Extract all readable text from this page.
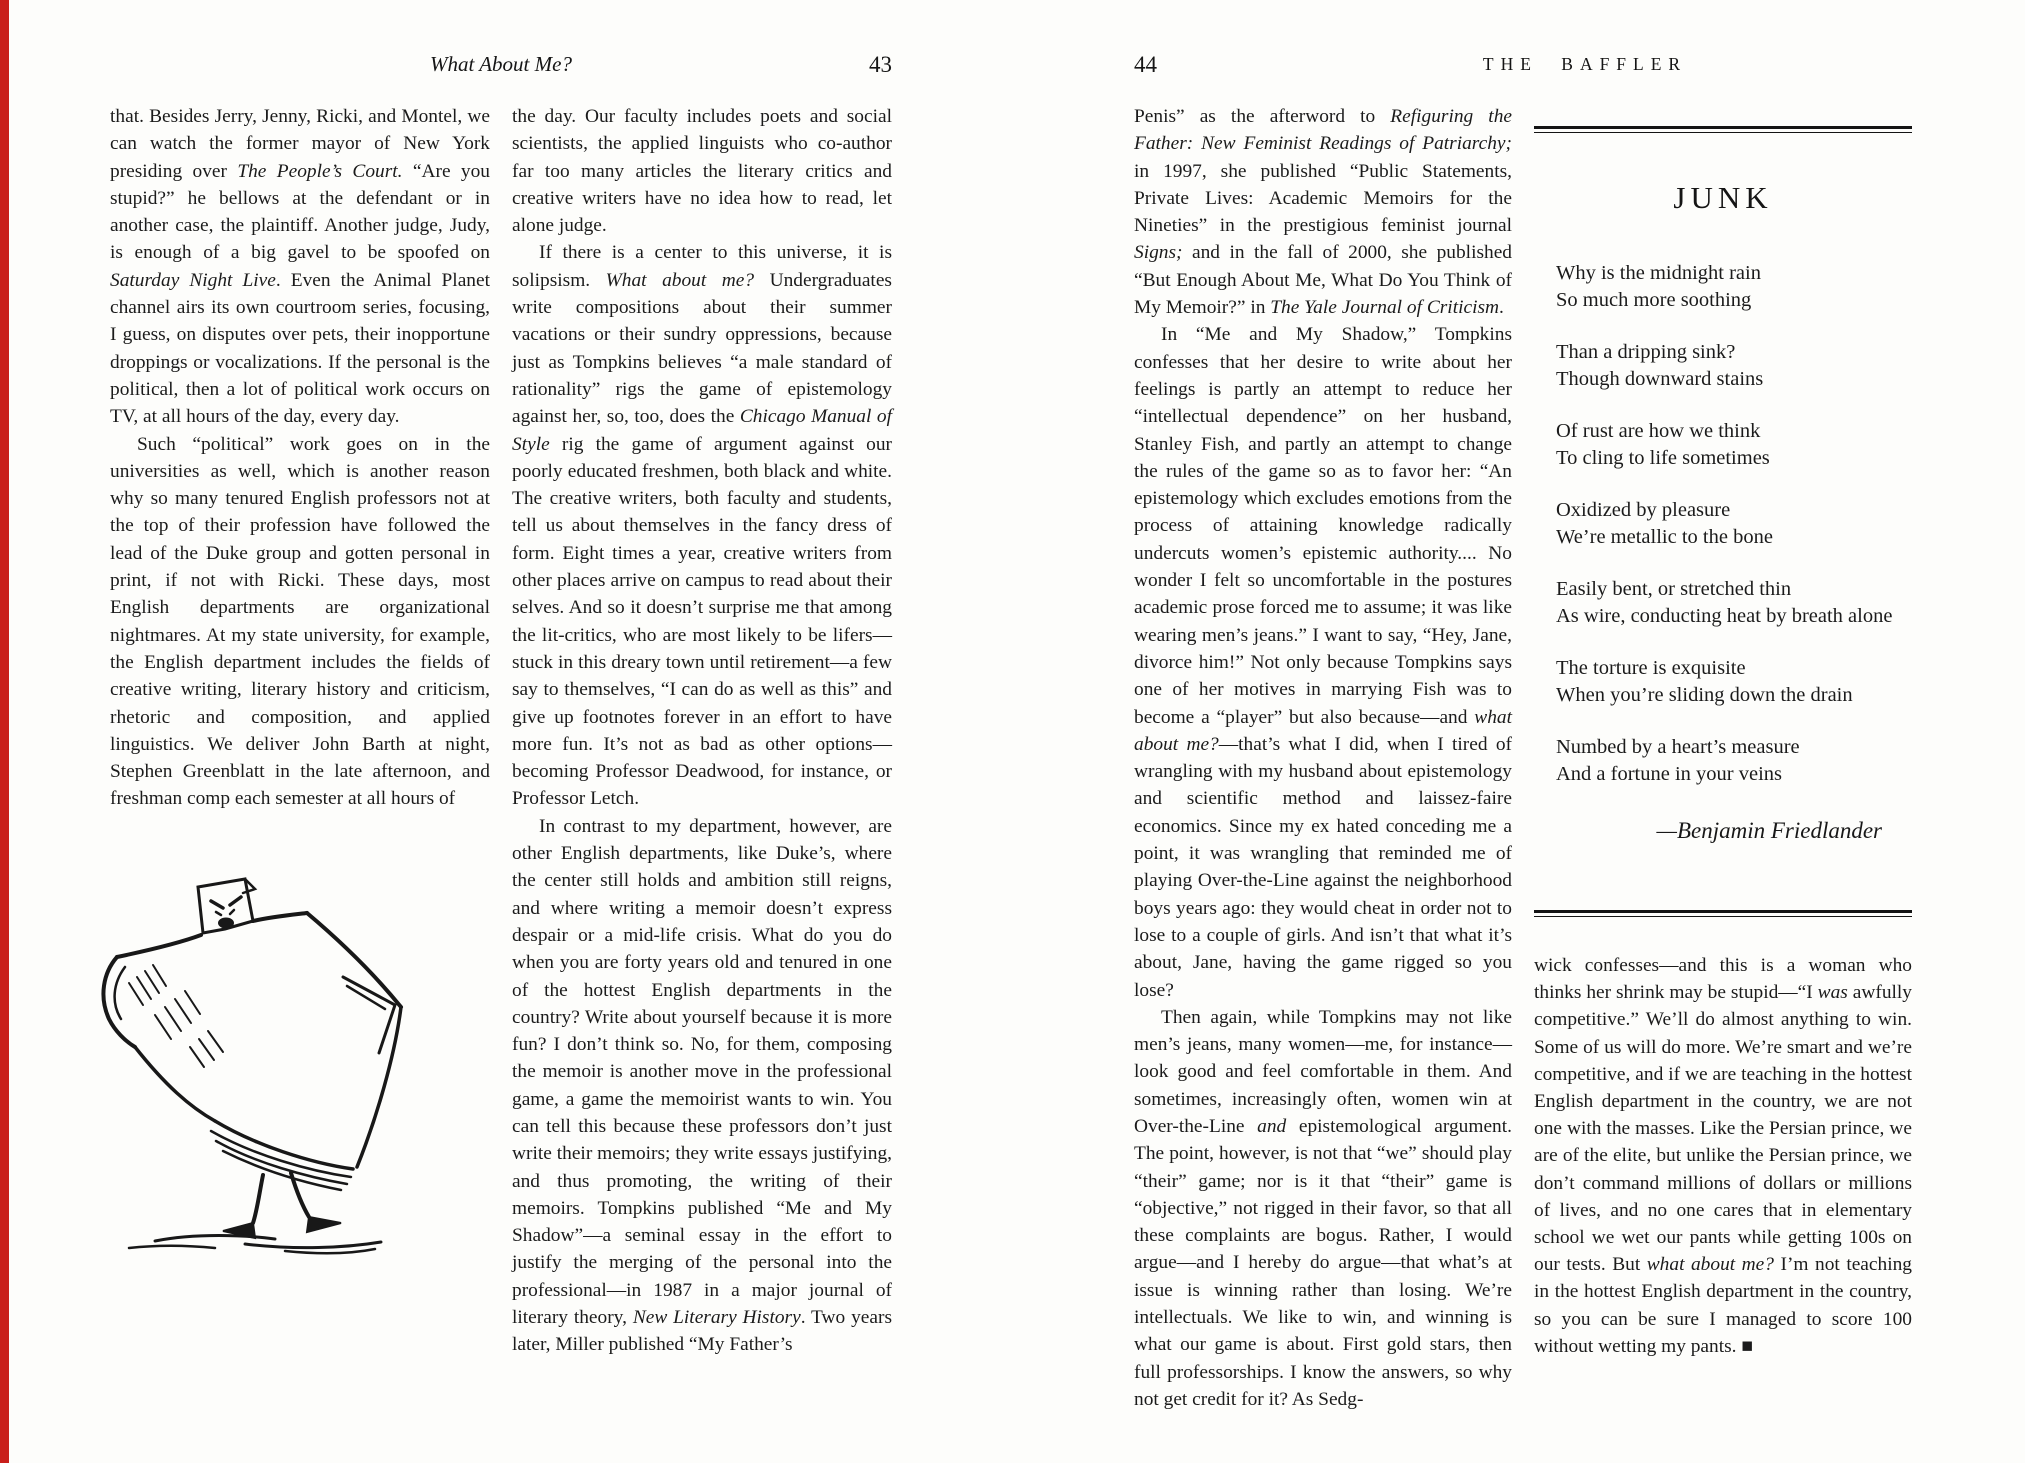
What About Me?	43	44	THE BAFFLER

that. Besides Jerry, Jenny, Ricki, and Montel, we can watch the former mayor of New York presiding over The People’s Court. “Are you stupid?” he bellows at the defendant or in another case, the plaintiff. Another judge, Judy, is enough of a big gavel to be spoofed on Saturday Night Live. Even the Animal Planet channel airs its own courtroom series, focusing, I guess, on disputes over pets, their inopportune droppings or vocalizations. If the personal is the political, then a lot of political work occurs on TV, at all hours of the day, every day.

Such “political” work goes on in the universities as well, which is another reason why so many tenured English professors not at the top of their profession have followed the lead of the Duke group and gotten personal in print, if not with Ricki. These days, most English departments are organizational nightmares. At my state university, for example, the English department includes the fields of creative writing, literary history and criticism, rhetoric and composition, and applied linguistics. We deliver John Barth at night, Stephen Greenblatt in the late afternoon, and freshman comp each semester at all hours of

the day. Our faculty includes poets and social scientists, the applied linguists who co-author far too many articles the literary critics and creative writers have no idea how to read, let alone judge.

If there is a center to this universe, it is solipsism. What about me? Undergraduates write compositions about their summer vacations or their sundry oppressions, because just as Tompkins believes “a male standard of rationality” rigs the game of epistemology against her, so, too, does the Chicago Manual of Style rig the game of argument against our poorly educated freshmen, both black and white. The creative writers, both faculty and students, tell us about themselves in the fancy dress of form. Eight times a year, creative writers from other places arrive on campus to read about their selves. And so it doesn’t surprise me that among the lit-critics, who are most likely to be lifers—stuck in this dreary town until retirement—a few say to themselves, “I can do as well as this” and give up footnotes forever in an effort to have more fun. It’s not as bad as other options—becoming Professor Deadwood, for instance, or Professor Letch.

In contrast to my department, however, are other English departments, like Duke’s, where the center still holds and ambition still reigns, and where writing a memoir doesn’t express despair or a mid-life crisis. What do you do when you are forty years old and tenured in one of the hottest English departments in the country? Write about yourself because it is more fun? I don’t think so. No, for them, composing the memoir is another move in the professional game, a game the memoirist wants to win. You can tell this because these professors don’t just write their memoirs; they write essays justifying, and thus promoting, the writing of their memoirs. Tompkins published “Me and My Shadow”—a seminal essay in the effort to justify the merging of the personal into the professional—in 1987 in a major journal of literary theory, New Literary History. Two years later, Miller published “My Father’s

Penis” as the afterword to Refiguring the Father: New Feminist Readings of Patriarchy; in 1997, she published “Public Statements, Private Lives: Academic Memoirs for the Nineties” in the prestigious feminist journal Signs; and in the fall of 2000, she published “But Enough About Me, What Do You Think of My Memoir?” in The Yale Journal of Criticism.

In “Me and My Shadow,” Tompkins confesses that her desire to write about her feelings is partly an attempt to reduce her “intellectual dependence” on her husband, Stanley Fish, and partly an attempt to change the rules of the game so as to favor her: “An epistemology which excludes emotions from the process of attaining knowledge radically undercuts women’s epistemic authority.... No wonder I felt so uncomfortable in the postures academic prose forced me to assume; it was like wearing men’s jeans.” I want to say, “Hey, Jane, divorce him!” Not only because Tompkins says one of her motives in marrying Fish was to become a “player” but also because—and what about me?—that’s what I did, when I tired of wrangling with my husband about epistemology and scientific method and laissez-faire economics. Since my ex hated conceding me a point, it was wrangling that reminded me of playing Over-the-Line against the neighborhood boys years ago: they would cheat in order not to lose to a couple of girls. And isn’t that what it’s about, Jane, having the game rigged so you lose?

Then again, while Tompkins may not like men’s jeans, many women—me, for instance—look good and feel comfortable in them. And sometimes, increasingly often, women win at Over-the-Line and epistemological argument. The point, however, is not that “we” should play “their” game; nor is it that “their” game is “objective,” not rigged in their favor, so that all these complaints are bogus. Rather, I would argue—and I hereby do argue—that what’s at issue is winning rather than losing. We’re intellectuals. We like to win, and winning is what our game is about. First gold stars, then full professorships. I know the answers, so why not get credit for it? As Sedg-

JUNK
Why is the midnight rain
So much more soothing
Than a dripping sink?
Though downward stains
Of rust are how we think
To cling to life sometimes
Oxidized by pleasure
We’re metallic to the bone
Easily bent, or stretched thin
As wire, conducting heat by breath alone
The torture is exquisite
When you’re sliding down the drain
Numbed by a heart’s measure
And a fortune in your veins
—Benjamin Friedlander

wick confesses—and this is a woman who thinks her shrink may be stupid—“I was awfully competitive.” We’ll do almost anything to win. Some of us will do more. We’re smart and we’re competitive, and if we are teaching in the hottest English department in the country, we are not one with the masses. Like the Persian prince, we are of the elite, but unlike the Persian prince, we don’t command millions of dollars or millions of lives, and no one cares that in elementary school we wet our pants while getting 100s on our tests. But what about me? I’m not teaching in the hottest English department in the country, so you can be sure I managed to score 100 without wetting my pants. ■
